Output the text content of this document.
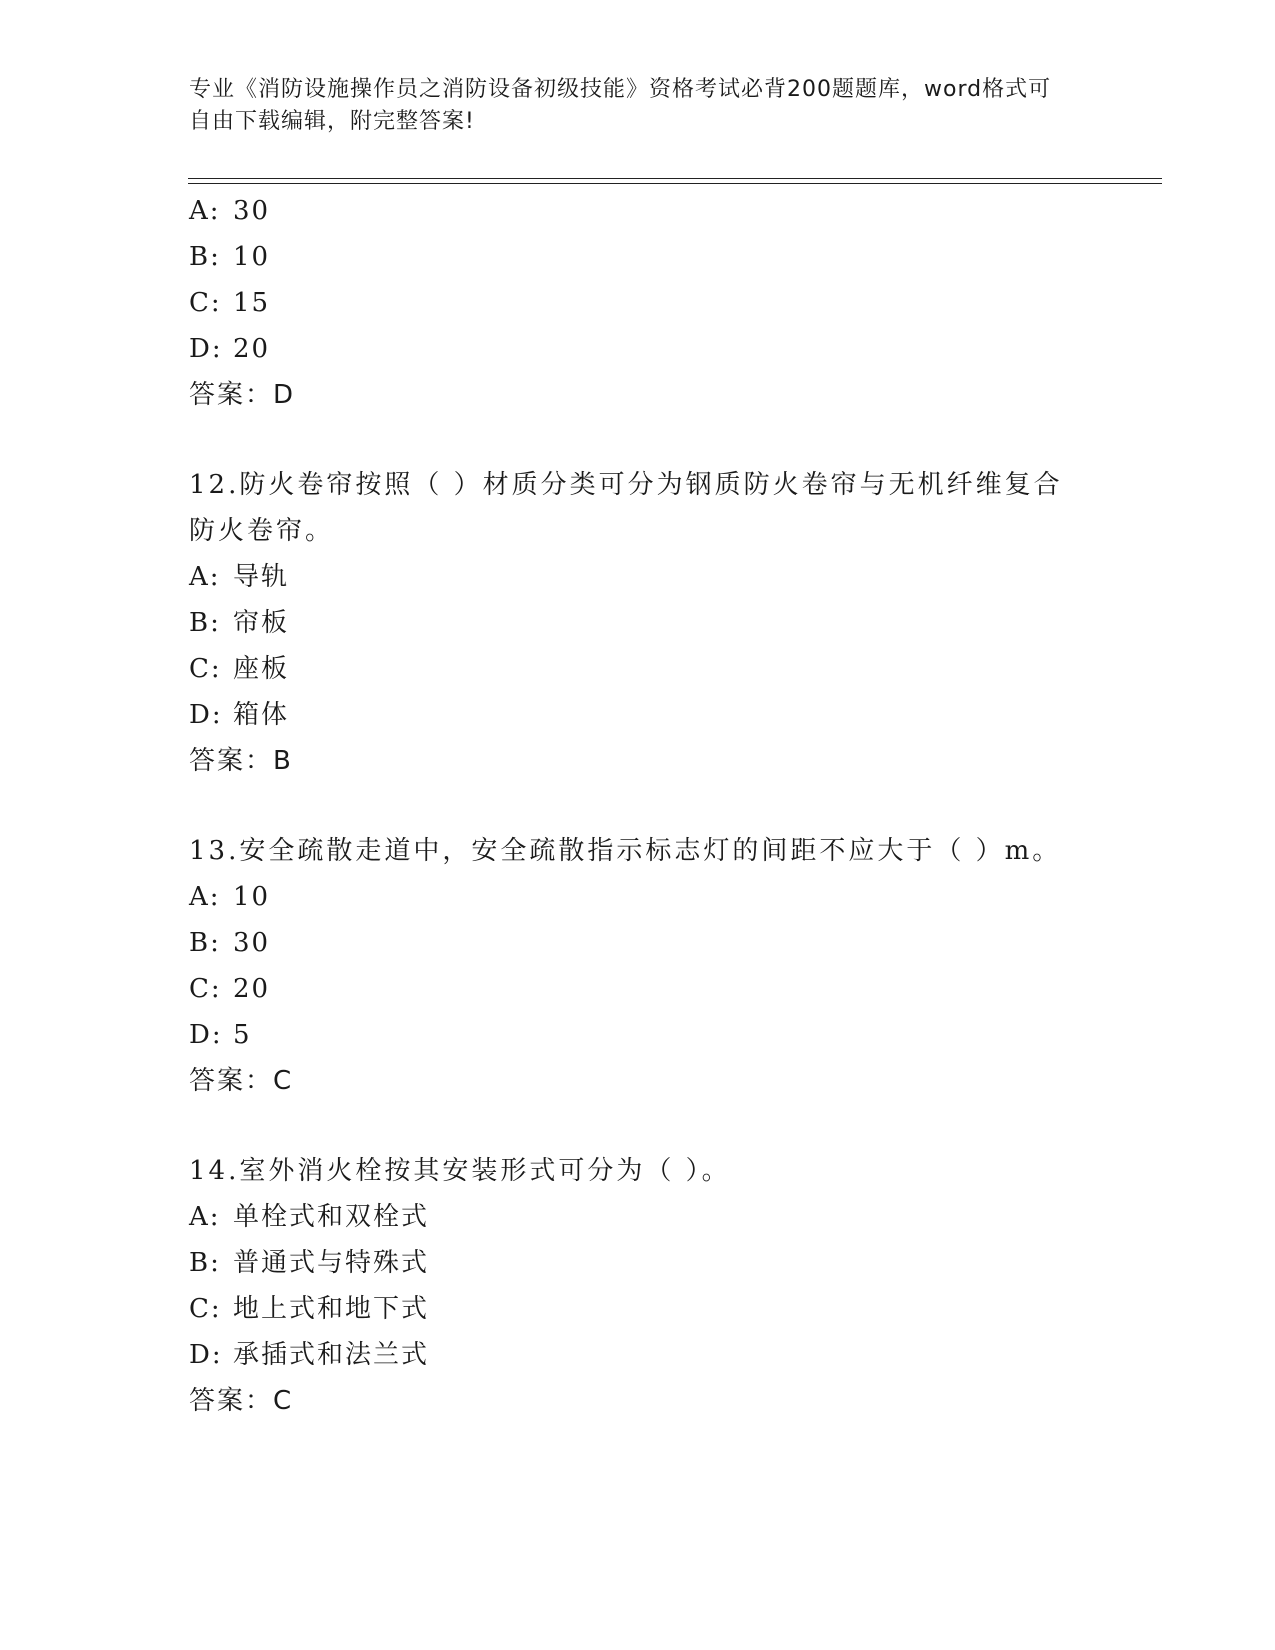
专业《消防设施操作员之消防设备初级技能》资格考试必背200题题库，word格式可自由下载编辑，附完整答案!
A: 30
B: 10
C: 15
D: 20
答案：D
12.防火卷帘按照（ ）材质分类可分为钢质防火卷帘与无机纤维复合防火卷帘。
A: 导轨
B: 帘板
C: 座板
D: 箱体
答案：B
13.安全疏散走道中，安全疏散指示标志灯的间距不应大于（ ）m。
A: 10
B: 30
C: 20
D: 5
答案：C
14.室外消火栓按其安装形式可分为（ ）。
A: 单栓式和双栓式
B: 普通式与特殊式
C: 地上式和地下式
D: 承插式和法兰式
答案：C
